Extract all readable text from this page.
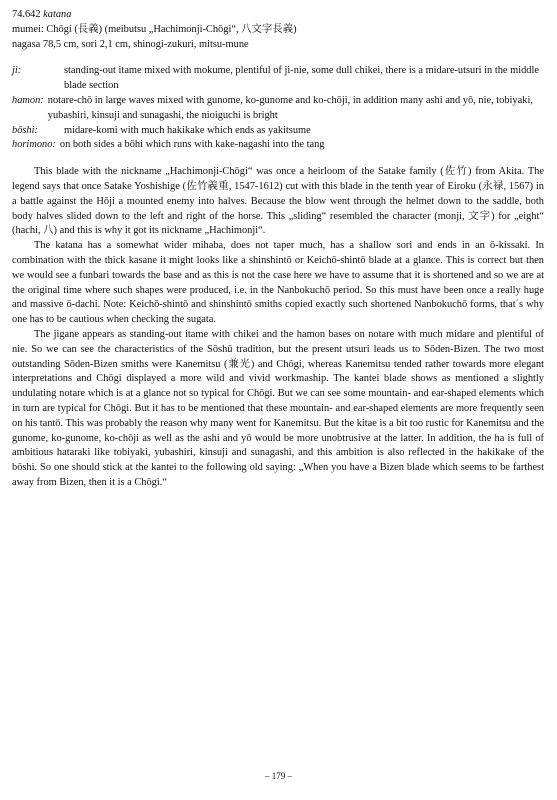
74.642 katana
mumei: Chōgi (長義) (meibutsu „Hachimonji-Chōgi“, 八文字長義)
nagasa 78,5 cm, sori 2,1 cm, shinogi-zukuri, mitsu-mune
ji:	standing-out itame mixed with mokume, plentiful of ji-nie, some dull chikei, there is a midare-utsuri in the middle blade section
hamon: notare-chō in large waves mixed with gunome, ko-gunome and ko-chōji, in addition many ashi and yō, nie, tobiyaki, yubashiri, kinsuji and sunagashi, the nioiguchi is bright
bōshi:	midare-komi with much hakikake which ends as yakitsume
horimono: on both sides a bōhi which runs with kake-nagashi into the tang

This blade with the nickname „Hachimonji-Chōgi“ was once a heirloom of the Satake family (佐竹) from Akita. The legend says that once Satake Yoshishige (佐竹義重, 1547-1612) cut with this blade in the tenth year of Eiroku (永禄, 1567) in a battle against the Hōji a mounted enemy into halves. Because the blow went through the helmet down to the saddle, both body halves slided down to the left and right of the horse. This „sliding“ resembled the character (monji, 文字) for „eight“ (hachi, 八) and this is why it got its nickname „Hachimonji“.

The katana has a somewhat wider mihaba, does not taper much, has a shallow sori and ends in an ō-kissaki. In combination with the thick kasane it might looks like a shinshintō or Keichō-shintō blade at a glance. This is correct but then we would see a funbari towards the base and as this is not the case here we have to assume that it is shortened and so we are at the original time where such shapes were produced, i.e. in the Nanbokuchō period. So this must have been once a really huge and massive ō-dachi. Note: Keichō-shintō and shinshintō smiths copied exactly such shortened Nanbokuchō forms, that´s why one has to be cautious when checking the sugata.

The jigane appears as standing-out itame with chikei and the hamon bases on notare with much midare and plentiful of nie. So we can see the characteristics of the Sōshū tradition, but the present utsuri leads us to Sōden-Bizen. The two most outstanding Sōden-Bizen smiths were Kanemitsu (兼光) and Chōgi, whereas Kanemitsu tended rather towards more elegant interpretations and Chōgi displayed a more wild and vivid workmaship. The kantei blade shows as mentioned a slightly undulating notare which is at a glance not so typical for Chōgi. But we can see some mountain- and ear-shaped elements which in turn are typical for Chōgi. But it has to be mentioned that these mountain- and ear-shaped elements are more frequently seen on his tantō. This was probably the reason why many went for Kanemitsu. But the kitae is a bit too rustic for Kanemitsu and the gunome, ko-gunome, ko-chōji as well as the ashi and yō would be more unobtrusive at the latter. In addition, the ha is full of ambitious hataraki like tobiyaki, yubashiri, kinsuji and sunagashi, and this ambition is also reflected in the hakikake of the bōshi. So one should stick at the kantei to the following old saying: „When you have a Bizen blade which seems to be farthest away from Bizen, then it is a Chōgi.“

– 179 –
